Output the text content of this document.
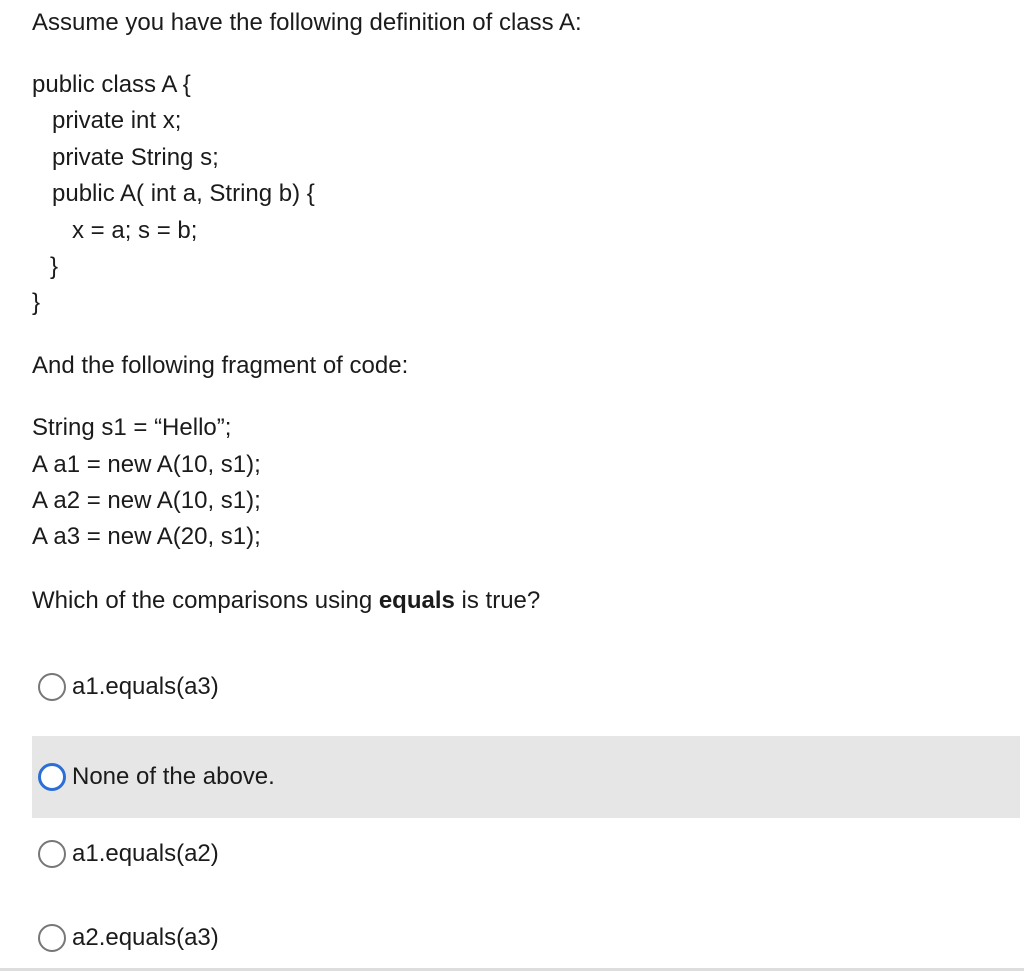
Assume you have the following definition of class A:
public class A {
private int x;
private String s;
public A( int a, String b) {
x = a; s = b;
}
}
And the following fragment of code:
String s1 = “Hello”;
A a1 = new A(10, s1);
A a2 = new A(10, s1);
A a3 = new A(20, s1);
Which of the comparisons using equals is true?
a1.equals(a3)
None of the above.
a1.equals(a2)
a2.equals(a3)
